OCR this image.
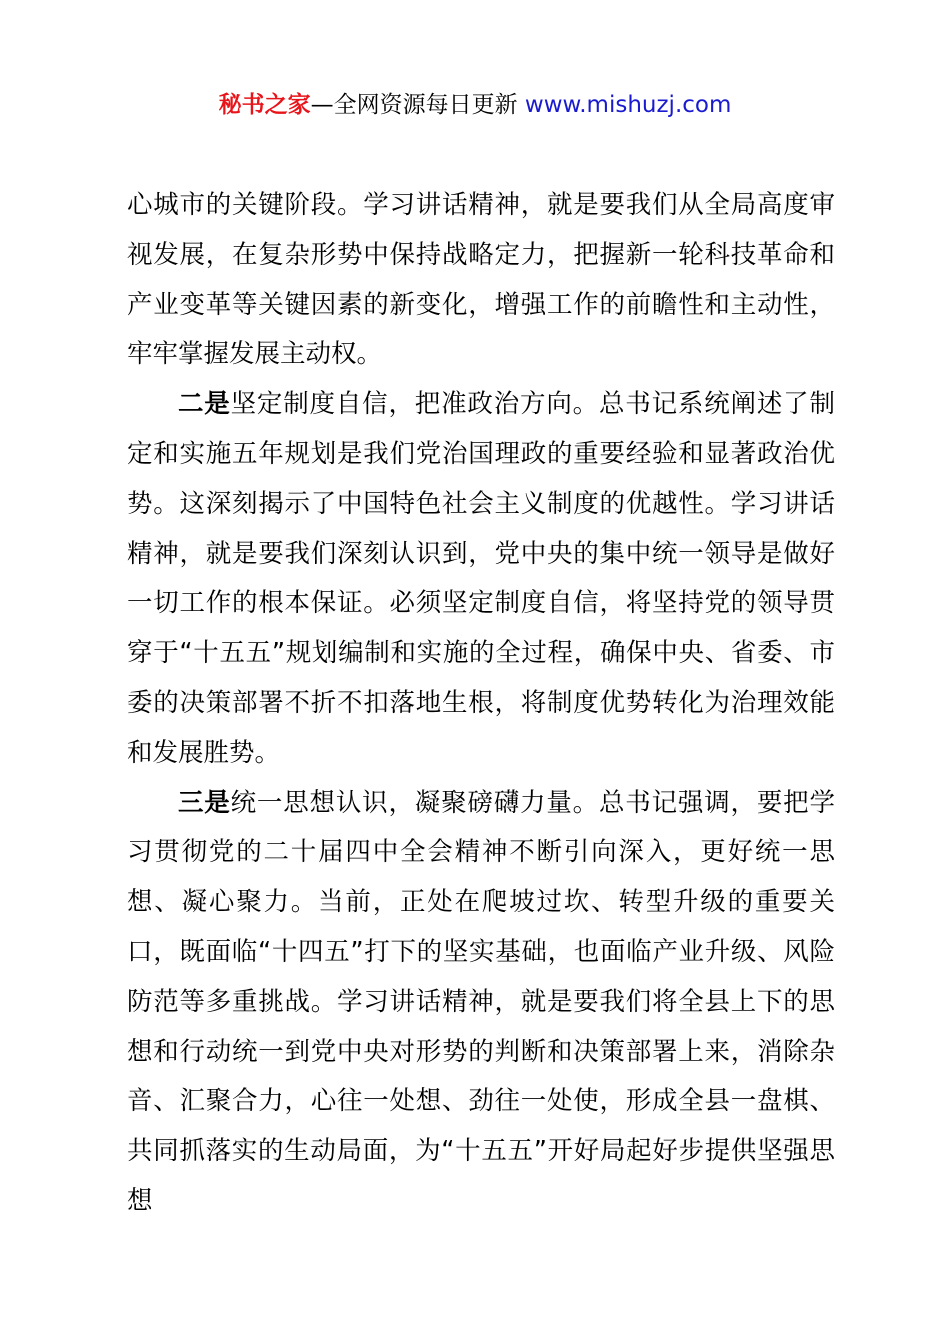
秘书之家—全网资源每日更新 www.mishuzj.com

心城市的关键阶段。学习讲话精神，就是要我们从全局高度审视发展，在复杂形势中保持战略定力，把握新一轮科技革命和产业变革等关键因素的新变化，增强工作的前瞻性和主动性，牢牢掌握发展主动权。

二是坚定制度自信，把准政治方向。总书记系统阐述了制定和实施五年规划是我们党治国理政的重要经验和显著政治优势。这深刻揭示了中国特色社会主义制度的优越性。学习讲话精神，就是要我们深刻认识到，党中央的集中统一领导是做好一切工作的根本保证。必须坚定制度自信，将坚持党的领导贯穿于“十五五”规划编制和实施的全过程，确保中央、省委、市委的决策部署不折不扣落地生根，将制度优势转化为治理效能和发展胜势。

三是统一思想认识，凝聚磅礴力量。总书记强调，要把学习贯彻党的二十届四中全会精神不断引向深入，更好统一思想、凝心聚力。当前，正处在爬坡过坎、转型升级的重要关口，既面临“十四五”打下的坚实基础，也面临产业升级、风险防范等多重挑战。学习讲话精神，就是要我们将全县上下的思想和行动统一到党中央对形势的判断和决策部署上来，消除杂音、汇聚合力，心往一处想、劲往一处使，形成全县一盘棋、共同抓落实的生动局面，为“十五五”开好局起好步提供坚强思想
